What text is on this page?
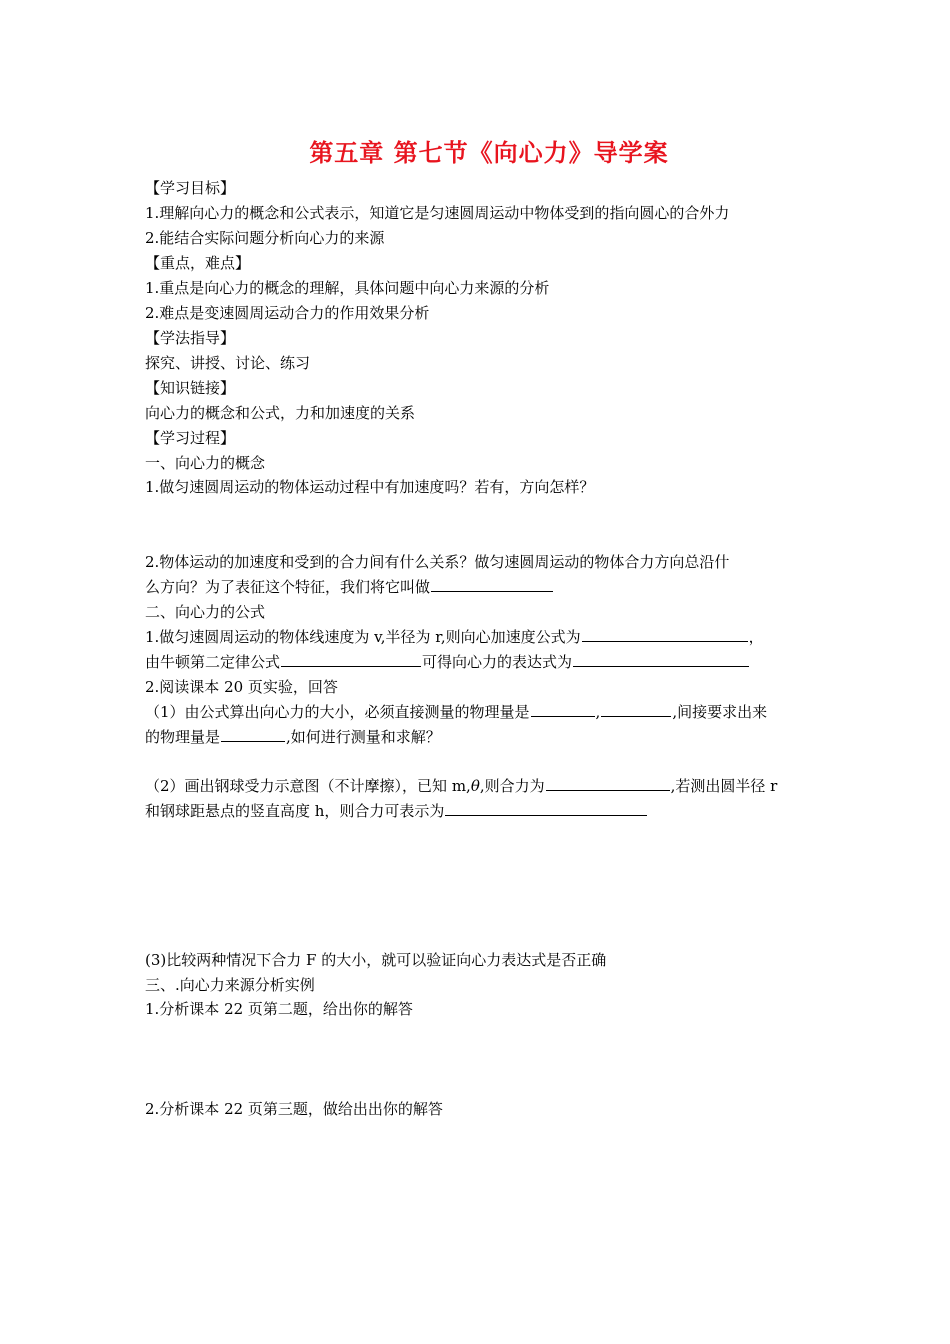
第五章 第七节《向心力》导学案
【学习目标】
1.理解向心力的概念和公式表示，知道它是匀速圆周运动中物体受到的指向圆心的合外力
2.能结合实际问题分析向心力的来源
【重点，难点】
1.重点是向心力的概念的理解，具体问题中向心力来源的分析
2.难点是变速圆周运动合力的作用效果分析
【学法指导】
探究、讲授、讨论、练习
【知识链接】
向心力的概念和公式，力和加速度的关系
【学习过程】
一、向心力的概念
1.做匀速圆周运动的物体运动过程中有加速度吗？若有，方向怎样？
2.物体运动的加速度和受到的合力间有什么关系？做匀速圆周运动的物体合力方向总沿什
么方向？为了表征这个特征，我们将它叫做
二、向心力的公式
1.做匀速圆周运动的物体线速度为 v,半径为 r,则向心加速度公式为	，
由牛顿第二定律公式	可得向心力的表达式为
2.阅读课本 20 页实验，回答
（1）由公式算出向心力的大小，必须直接测量的物理量是	,	,间接要求出来
的物理量是	,如何进行测量和求解？
（2）画出钢球受力示意图（不计摩擦），已知 m,θ,则合力为	,若测出圆半径 r
和钢球距悬点的竖直高度 h，则合力可表示为
(3)比较两种情况下合力 F 的大小，就可以验证向心力表达式是否正确
三、.向心力来源分析实例
1.分析课本 22 页第二题，给出你的解答
2.分析课本 22 页第三题，做给出出你的解答
